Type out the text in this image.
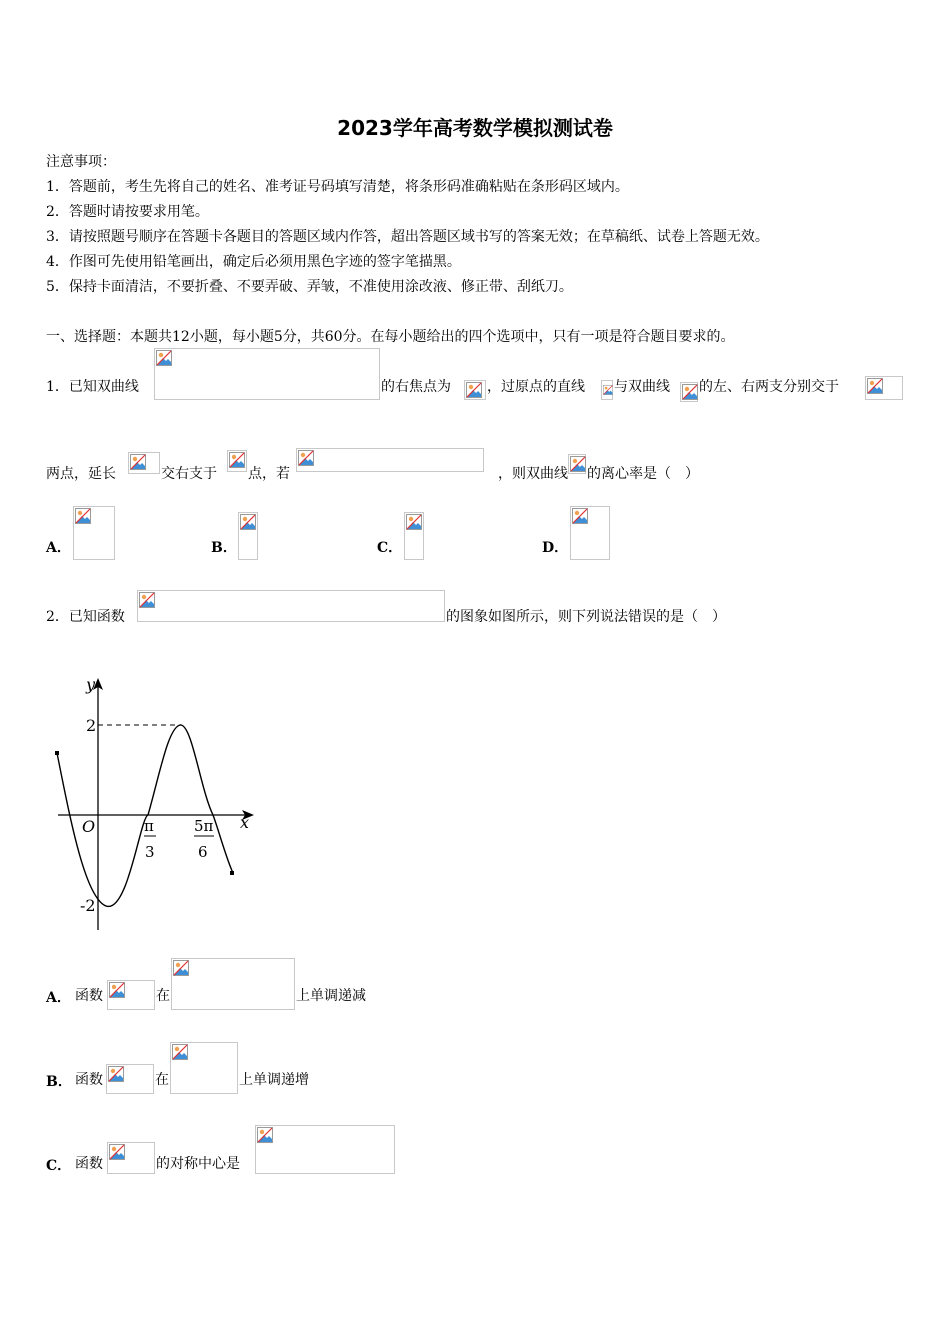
2023学年高考数学模拟测试卷
注意事项：
1．答题前，考生先将自己的姓名、准考证号码填写清楚，将条形码准确粘贴在条形码区域内。
2．答题时请按要求用笔。
3．请按照题号顺序在答题卡各题目的答题区域内作答，超出答题区域书写的答案无效；在草稿纸、试卷上答题无效。
4．作图可先使用铅笔画出，确定后必须用黑色字迹的签字笔描黑。
5．保持卡面清洁，不要折叠、不要弄破、弄皱，不准使用涂改液、修正带、刮纸刀。
一、选择题：本题共12小题，每小题5分，共60分。在每小题给出的四个选项中，只有一项是符合题目要求的。
1．已知双曲线	的右焦点为	，过原点的直线 与双曲线 的左、右两支分别交于
两点，延长	交右支于 点，若	，则双曲线 的离心率是（　）
A．	B．	C．	D．
2．已知函数	的图象如图所示，则下列说法错误的是（　）
y
x
O
2
-2
π
3
5π
6
A． 函数	在	上单调递减
B． 函数	在	上单调递增
C． 函数	的对称中心是
